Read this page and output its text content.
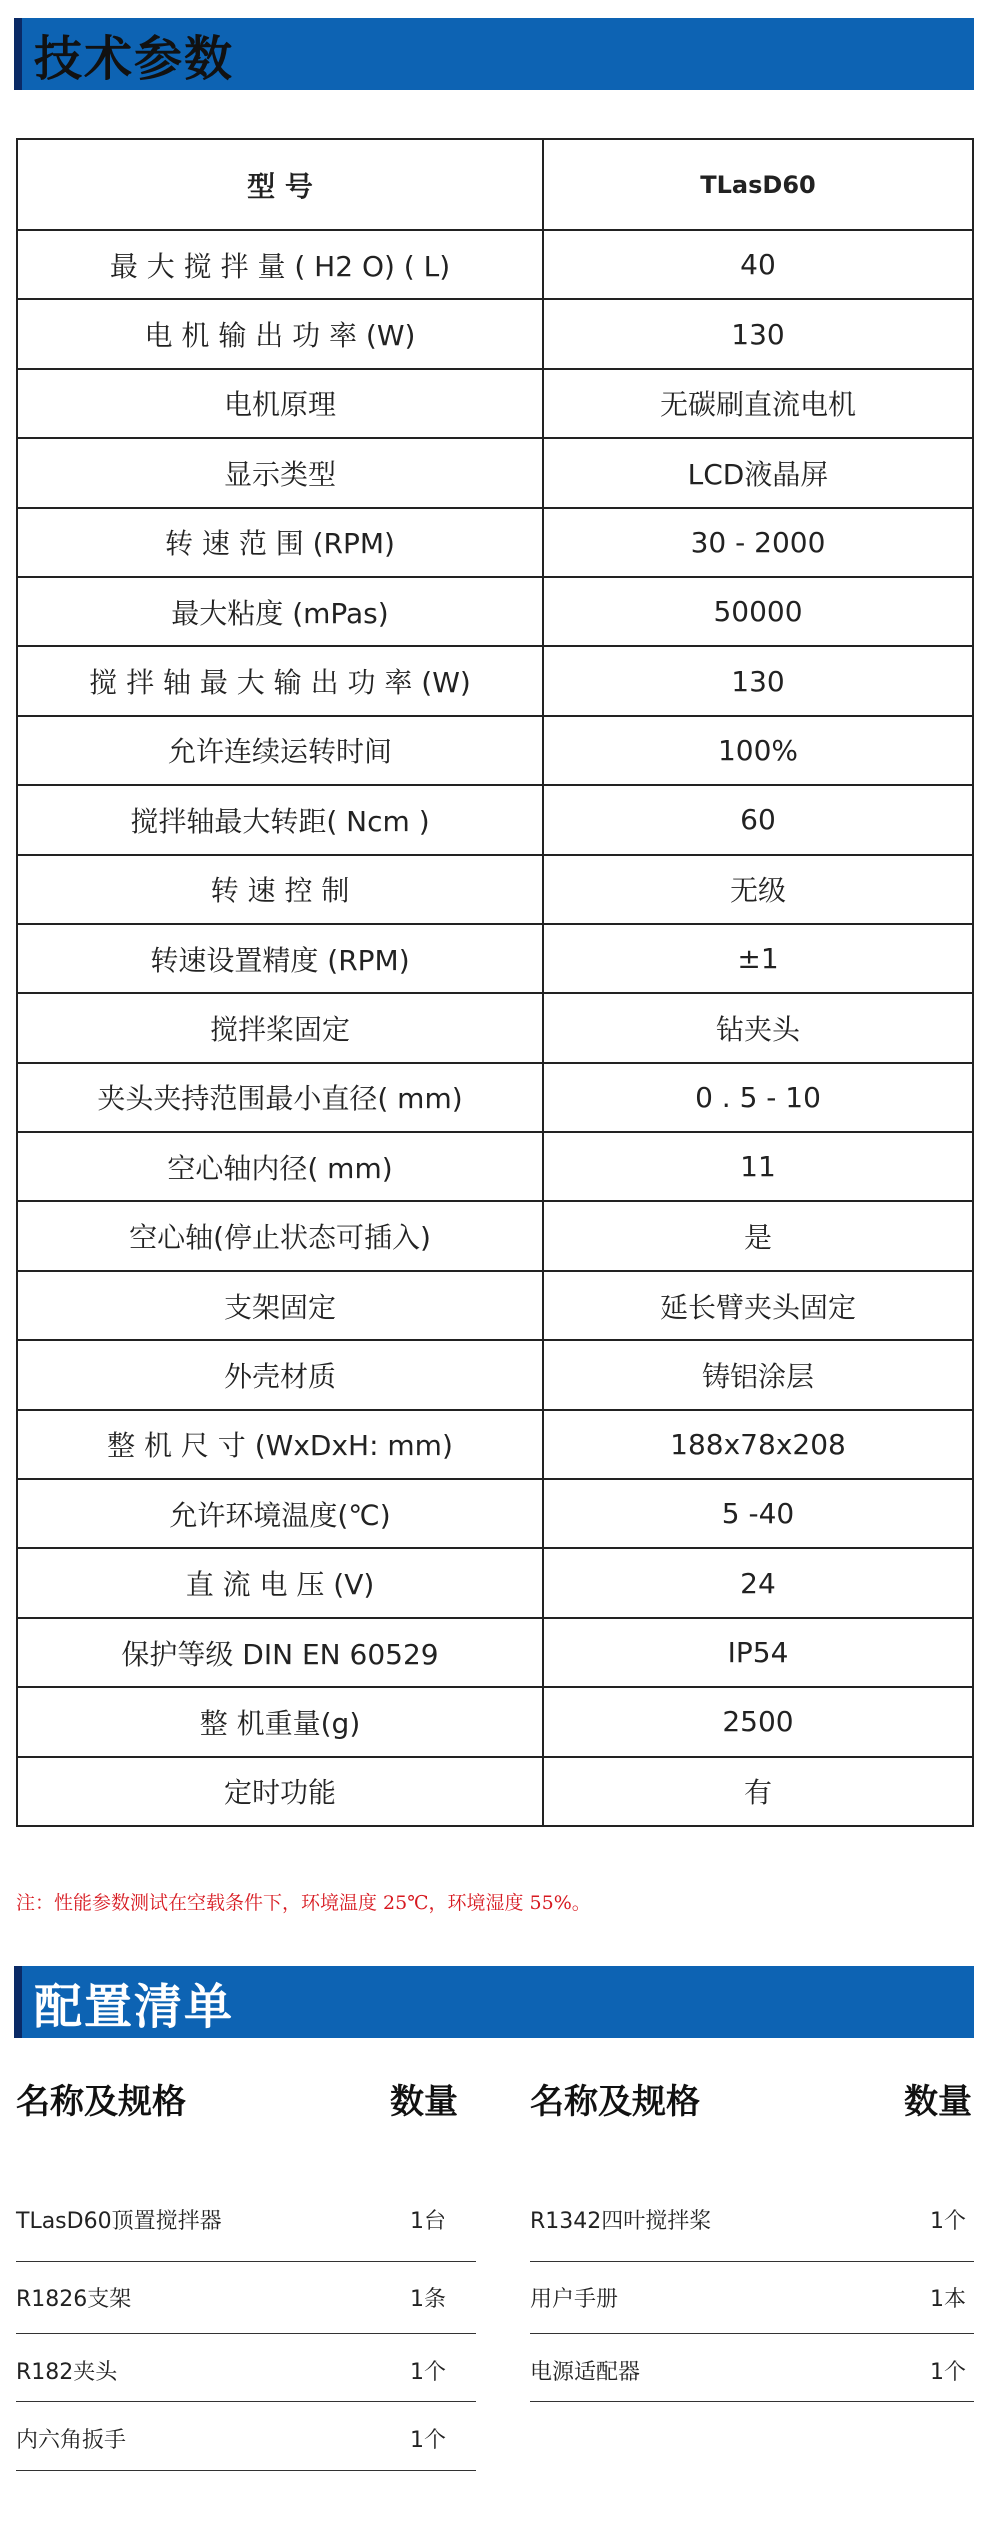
技术参数
型 号	TLasD60
最 大 搅 拌 量 ( H2 O) ( L)	40
电 机 输 出 功 率 (W)	130
电机原理	无碳刷直流电机
显示类型	LCD液晶屏
转 速 范 围 (RPM)	30 - 2000
最大粘度 (mPas)	50000
搅 拌 轴 最 大 输 出 功 率 (W)	130
允许连续运转时间	100%
搅拌轴最大转距( Ncm )	60
转 速 控 制	无级
转速设置精度 (RPM)	±1
搅拌桨固定	钻夹头
夹头夹持范围最小直径( mm)	0 . 5 - 10
空心轴内径( mm)	11
空心轴(停止状态可插入)	是
支架固定	延长臂夹头固定
外壳材质	铸铝涂层
整 机 尺 寸 (WxDxH: mm)	188x78x208
允许环境温度(℃)	5 -40
直 流 电 压 (V)	24
保护等级 DIN EN 60529	IP54
整 机重量(g)	2500
定时功能	有
注：性能参数测试在空载条件下，环境温度 25℃，环境湿度 55%。
配置清单
名称及规格	数量 名称及规格	数量
TLasD60顶置搅拌器	1台
R1826支架	1条
R182夹头	1个
内六角扳手	1个
R1342四叶搅拌桨	1个
用户手册	1本
电源适配器	1个
